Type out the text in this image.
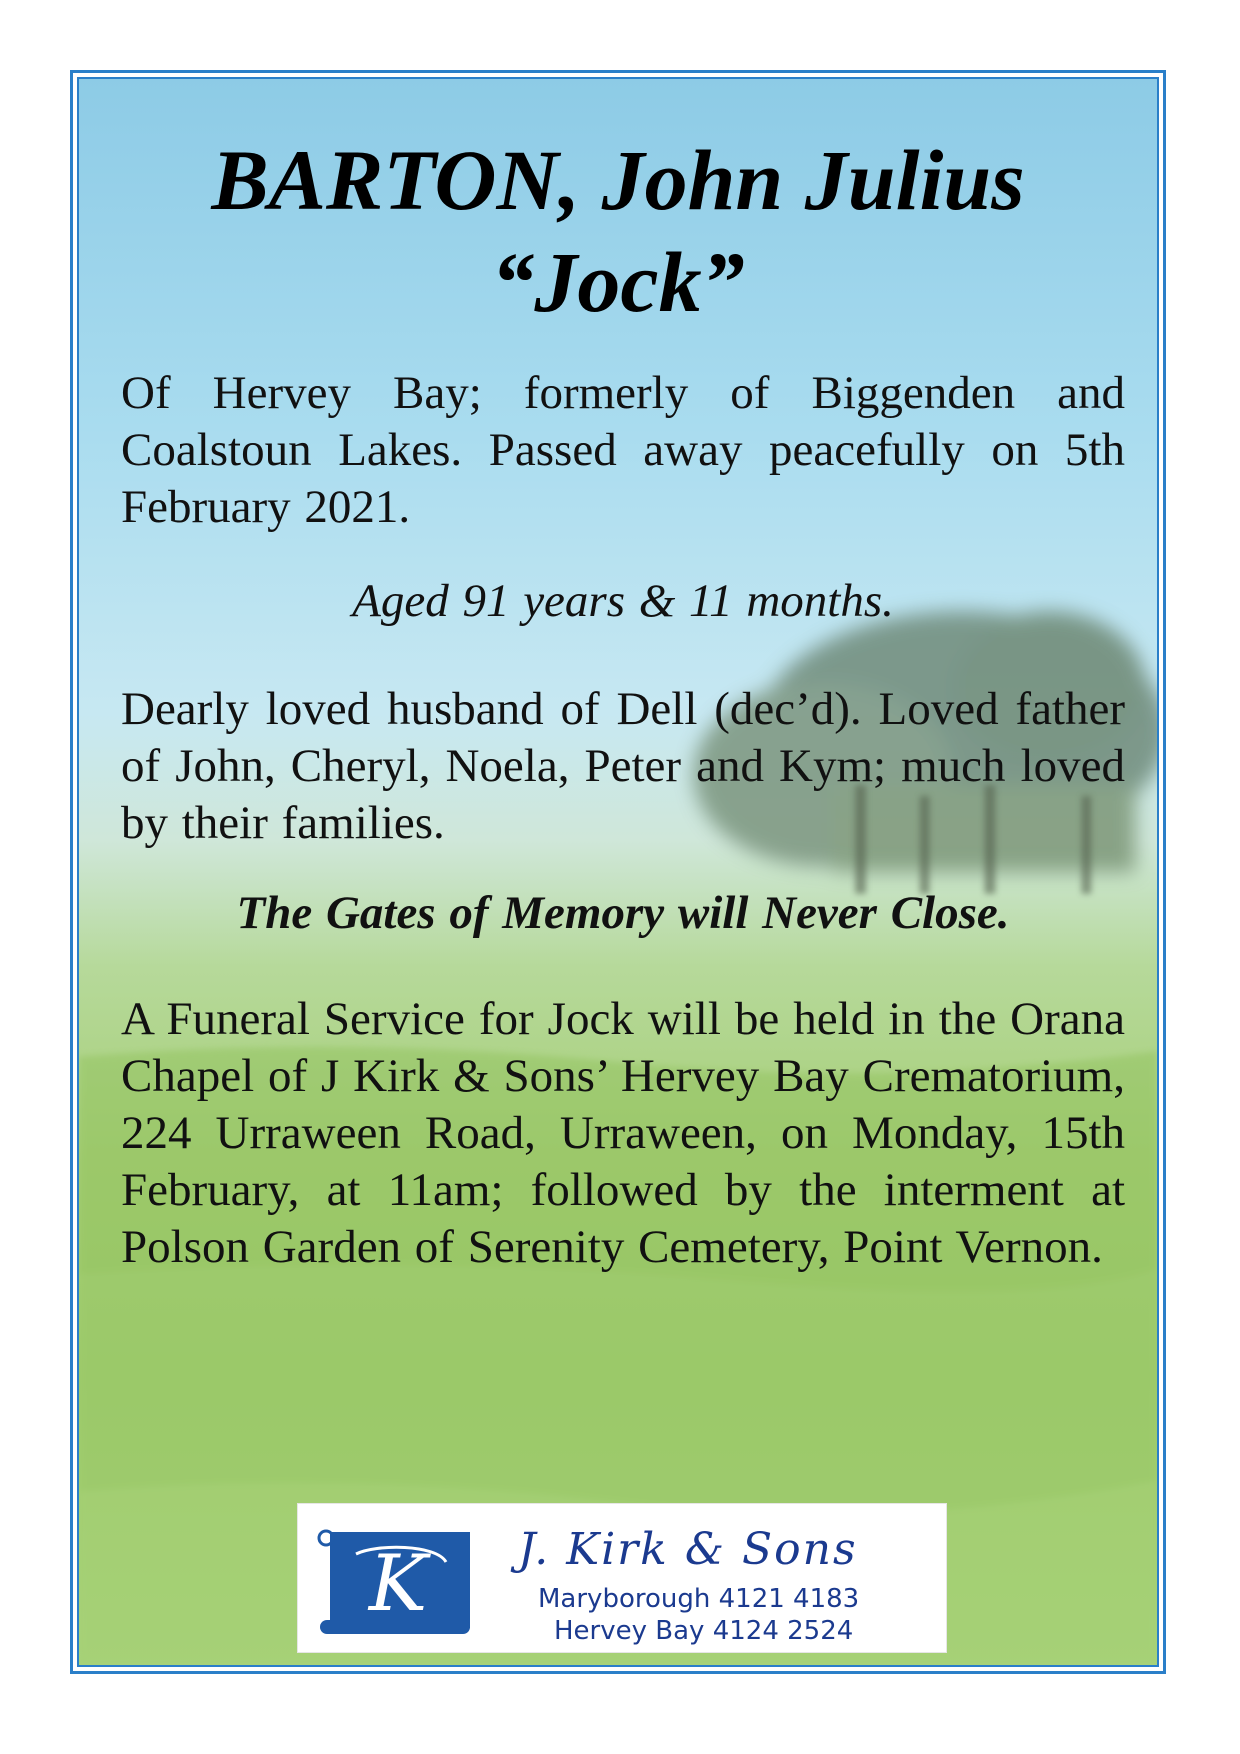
BARTON, John Julius
“Jock”

Of Hervey Bay; formerly of Biggenden and Coalstoun Lakes. Passed away peacefully on 5th February 2021.

Aged 91 years & 11 months.

Dearly loved husband of Dell (dec’d). Loved father of John, Cheryl, Noela, Peter and Kym; much loved by their families.

The Gates of Memory will Never Close.

A Funeral Service for Jock will be held in the Orana Chapel of J Kirk & Sons’ Hervey Bay Crematorium, 224 Urraween Road, Urraween, on Monday, 15th February, at 11am; followed by the interment at Polson Garden of Serenity Cemetery, Point Vernon.

K J. Kirk & Sons
Maryborough 4121 4183
Hervey Bay 4124 2524
